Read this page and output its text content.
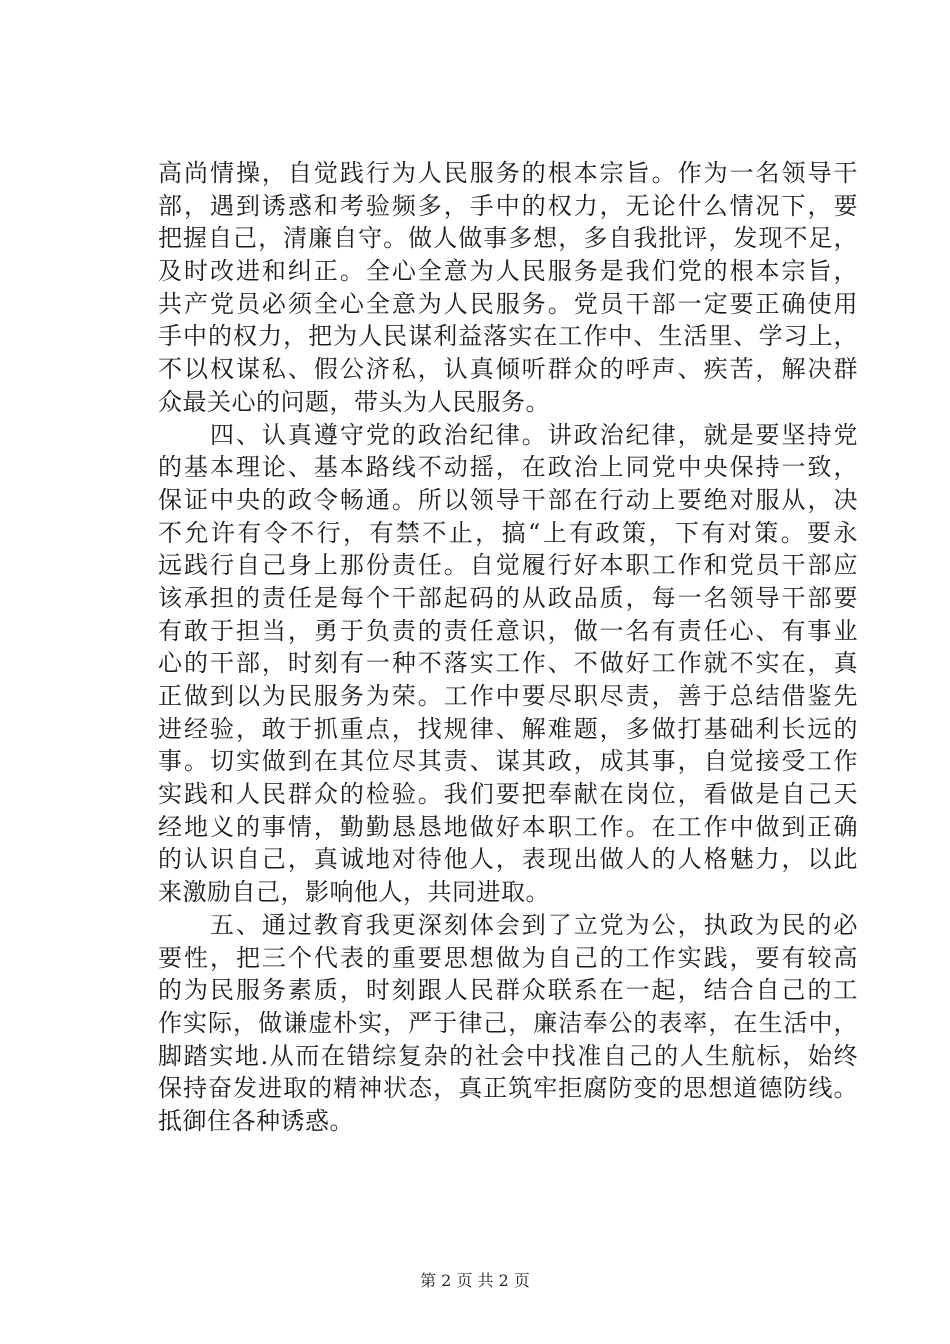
高尚情操，自觉践行为人民服务的根本宗旨。作为一名领导干
部，遇到诱惑和考验频多，手中的权力，无论什么情况下，要
把握自己，清廉自守。做人做事多想，多自我批评，发现不足，
及时改进和纠正。全心全意为人民服务是我们党的根本宗旨，
共产党员必须全心全意为人民服务。党员干部一定要正确使用
手中的权力，把为人民谋利益落实在工作中、生活里、学习上，
不以权谋私、假公济私，认真倾听群众的呼声、疾苦，解决群
众最关心的问题，带头为人民服务。
　　四、认真遵守党的政治纪律。讲政治纪律，就是要坚持党
的基本理论、基本路线不动摇，在政治上同党中央保持一致，
保证中央的政令畅通。所以领导干部在行动上要绝对服从，决
不允许有令不行，有禁不止，搞“上有政策，下有对策。要永
远践行自己身上那份责任。自觉履行好本职工作和党员干部应
该承担的责任是每个干部起码的从政品质，每一名领导干部要
有敢于担当，勇于负责的责任意识，做一名有责任心、有事业
心的干部，时刻有一种不落实工作、不做好工作就不实在，真
正做到以为民服务为荣。工作中要尽职尽责，善于总结借鉴先
进经验，敢于抓重点，找规律、解难题，多做打基础利长远的
事。切实做到在其位尽其责、谋其政，成其事，自觉接受工作
实践和人民群众的检验。我们要把奉献在岗位，看做是自己天
经地义的事情，勤勤恳恳地做好本职工作。在工作中做到正确
的认识自己，真诚地对待他人，表现出做人的人格魅力，以此
来激励自己，影响他人，共同进取。
　　五、通过教育我更深刻体会到了立党为公，执政为民的必
要性，把三个代表的重要思想做为自己的工作实践，要有较高
的为民服务素质，时刻跟人民群众联系在一起，结合自己的工
作实际，做谦虚朴实，严于律己，廉洁奉公的表率，在生活中，
脚踏实地.从而在错综复杂的社会中找准自己的人生航标，始终
保持奋发进取的精神状态，真正筑牢拒腐防变的思想道德防线。
抵御住各种诱惑。
第 2 页 共 2 页
